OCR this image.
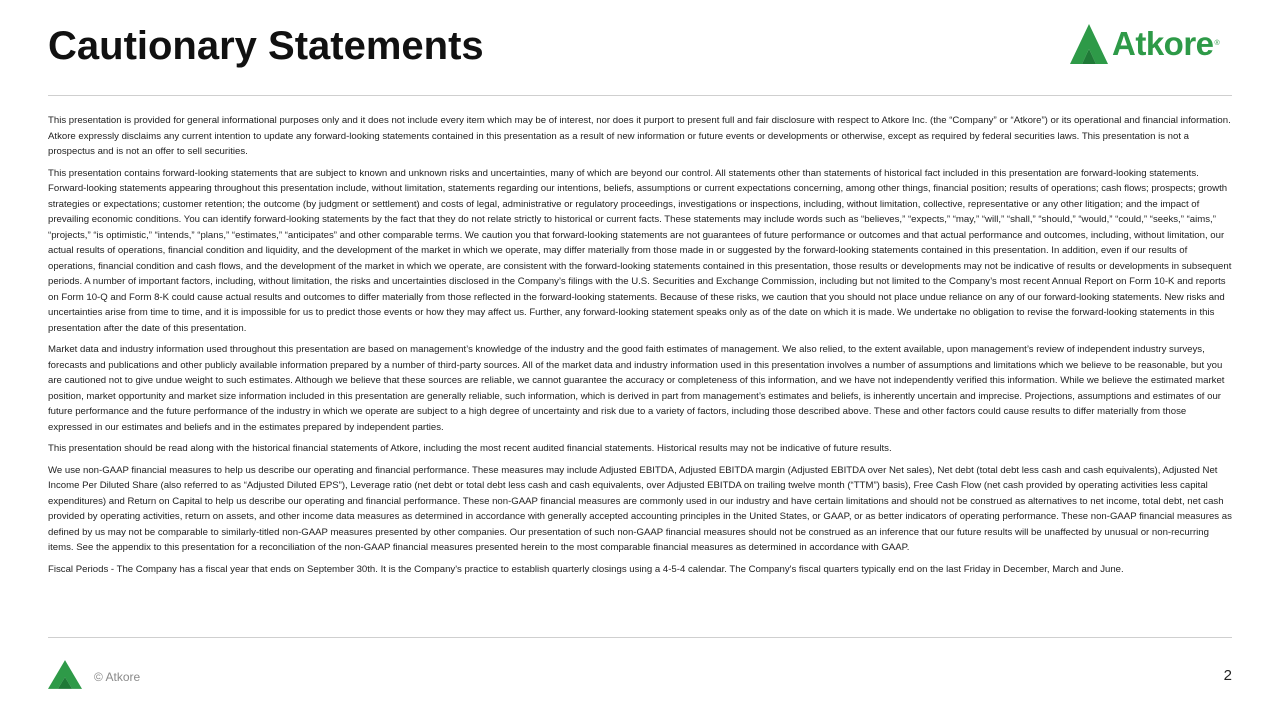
Cautionary Statements	Atkore®

This presentation is provided for general informational purposes only and it does not include every item which may be of interest, nor does it purport to present full and fair disclosure with respect to Atkore Inc. (the “Company” or “Atkore”) or its operational and financial information. Atkore expressly disclaims any current intention to update any forward-looking statements contained in this presentation as a result of new information or future events or developments or otherwise, except as required by federal securities laws. This presentation is not a prospectus and is not an offer to sell securities.

This presentation contains forward-looking statements that are subject to known and unknown risks and uncertainties, many of which are beyond our control. All statements other than statements of historical fact included in this presentation are forward-looking statements. Forward-looking statements appearing throughout this presentation include, without limitation, statements regarding our intentions, beliefs, assumptions or current expectations concerning, among other things, financial position; results of operations; cash flows; prospects; growth strategies or expectations; customer retention; the outcome (by judgment or settlement) and costs of legal, administrative or regulatory proceedings, investigations or inspections, including, without limitation, collective, representative or any other litigation; and the impact of prevailing economic conditions. You can identify forward-looking statements by the fact that they do not relate strictly to historical or current facts. These statements may include words such as “believes,” “expects,” “may,” “will,” “shall,” “should,” “would,” “could,” “seeks,” “aims,” “projects,” “is optimistic,” “intends,” “plans,” “estimates,” “anticipates” and other comparable terms. We caution you that forward-looking statements are not guarantees of future performance or outcomes and that actual performance and outcomes, including, without limitation, our actual results of operations, financial condition and liquidity, and the development of the market in which we operate, may differ materially from those made in or suggested by the forward-looking statements contained in this presentation. In addition, even if our results of operations, financial condition and cash flows, and the development of the market in which we operate, are consistent with the forward-looking statements contained in this presentation, those results or developments may not be indicative of results or developments in subsequent periods. A number of important factors, including, without limitation, the risks and uncertainties disclosed in the Company’s filings with the U.S. Securities and Exchange Commission, including but not limited to the Company’s most recent Annual Report on Form 10-K and reports on Form 10-Q and Form 8-K could cause actual results and outcomes to differ materially from those reflected in the forward-looking statements. Because of these risks, we caution that you should not place undue reliance on any of our forward-looking statements. New risks and uncertainties arise from time to time, and it is impossible for us to predict those events or how they may affect us. Further, any forward-looking statement speaks only as of the date on which it is made. We undertake no obligation to revise the forward-looking statements in this presentation after the date of this presentation.

Market data and industry information used throughout this presentation are based on management’s knowledge of the industry and the good faith estimates of management. We also relied, to the extent available, upon management’s review of independent industry surveys, forecasts and publications and other publicly available information prepared by a number of third-party sources. All of the market data and industry information used in this presentation involves a number of assumptions and limitations which we believe to be reasonable, but you are cautioned not to give undue weight to such estimates. Although we believe that these sources are reliable, we cannot guarantee the accuracy or completeness of this information, and we have not independently verified this information. While we believe the estimated market position, market opportunity and market size information included in this presentation are generally reliable, such information, which is derived in part from management’s estimates and beliefs, is inherently uncertain and imprecise. Projections, assumptions and estimates of our future performance and the future performance of the industry in which we operate are subject to a high degree of uncertainty and risk due to a variety of factors, including those described above. These and other factors could cause results to differ materially from those expressed in our estimates and beliefs and in the estimates prepared by independent parties.

This presentation should be read along with the historical financial statements of Atkore, including the most recent audited financial statements. Historical results may not be indicative of future results.

We use non-GAAP financial measures to help us describe our operating and financial performance. These measures may include Adjusted EBITDA, Adjusted EBITDA margin (Adjusted EBITDA over Net sales), Net debt (total debt less cash and cash equivalents), Adjusted Net Income Per Diluted Share (also referred to as “Adjusted Diluted EPS”), Leverage ratio (net debt or total debt less cash and cash equivalents, over Adjusted EBITDA on trailing twelve month (“TTM”) basis), Free Cash Flow (net cash provided by operating activities less capital expenditures) and Return on Capital to help us describe our operating and financial performance. These non-GAAP financial measures are commonly used in our industry and have certain limitations and should not be construed as alternatives to net income, total debt, net cash provided by operating activities, return on assets, and other income data measures as determined in accordance with generally accepted accounting principles in the United States, or GAAP, or as better indicators of operating performance. These non-GAAP financial measures as defined by us may not be comparable to similarly-titled non-GAAP measures presented by other companies. Our presentation of such non-GAAP financial measures should not be construed as an inference that our future results will be unaffected by unusual or non-recurring items. See the appendix to this presentation for a reconciliation of the non-GAAP financial measures presented herein to the most comparable financial measures as determined in accordance with GAAP.

Fiscal Periods - The Company has a fiscal year that ends on September 30th. It is the Company's practice to establish quarterly closings using a 4-5-4 calendar. The Company's fiscal quarters typically end on the last Friday in December, March and June.

© Atkore	2
